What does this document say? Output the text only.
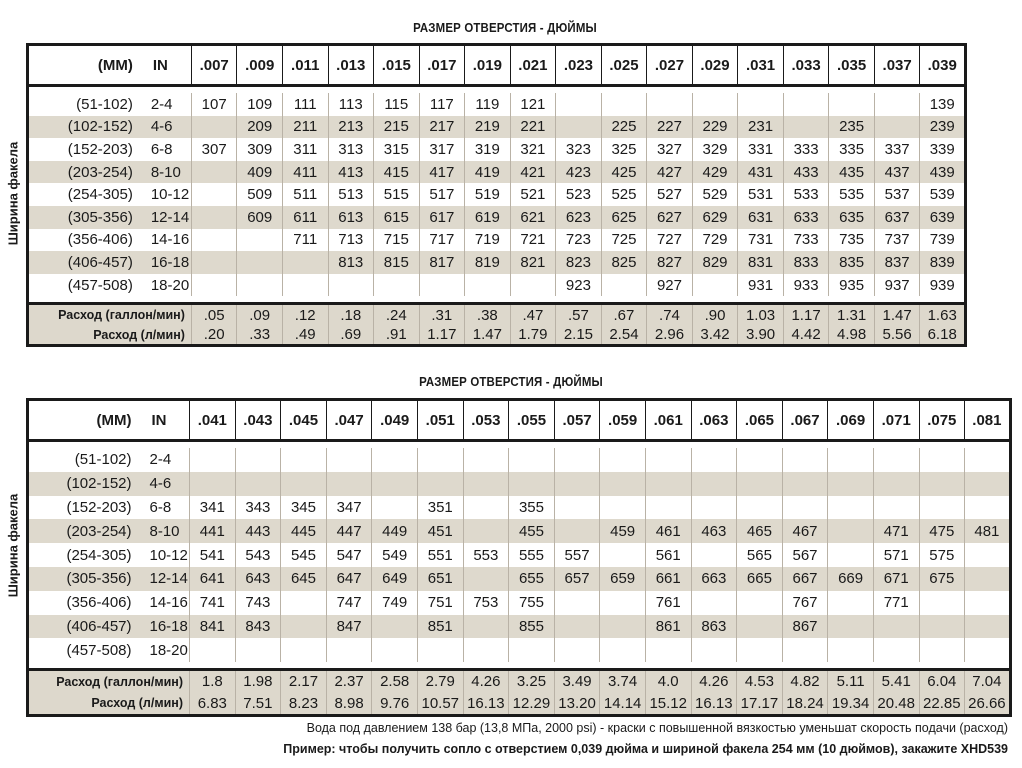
РАЗМЕР ОТВЕРСТИЯ - ДЮЙМЫ
Ширина факела
(MM)	IN	.007	.009	.011	.013	.015	.017	.019	.021	.023	.025	.027	.029	.031	.033	.035	.037	.039

(51-102)	2-4	107	109	111	113	115	117	119	121									139
(102-152)	4-6		209	211	213	215	217	219	221		225	227	229	231		235		239
(152-203)	6-8	307	309	311	313	315	317	319	321	323	325	327	329	331	333	335	337	339
(203-254)	8-10		409	411	413	415	417	419	421	423	425	427	429	431	433	435	437	439
(254-305)	10-12		509	511	513	515	517	519	521	523	525	527	529	531	533	535	537	539
(305-356)	12-14		609	611	613	615	617	619	621	623	625	627	629	631	633	635	637	639
(356-406)	14-16			711	713	715	717	719	721	723	725	727	729	731	733	735	737	739
(406-457)	16-18				813	815	817	819	821	823	825	827	829	831	833	835	837	839
(457-508)	18-20									923		927		931	933	935	937	939

Расход (галлон/мин)		.05	.09	.12	.18	.24	.31	.38	.47	.57	.67	.74	.90	1.03	1.17	1.31	1.47	1.63
Расход (л/мин)		.20	.33	.49	.69	.91	1.17	1.47	1.79	2.15	2.54	2.96	3.42	3.90	4.42	4.98	5.56	6.18
РАЗМЕР ОТВЕРСТИЯ - ДЮЙМЫ
Ширина факела
(MM)	IN	.041	.043	.045	.047	.049	.051	.053	.055	.057	.059	.061	.063	.065	.067	.069	.071	.075	.081

(51-102)	2-4																		
(102-152)	4-6																		
(152-203)	6-8	341	343	345	347		351		355										
(203-254)	8-10	441	443	445	447	449	451		455		459	461	463	465	467		471	475	481
(254-305)	10-12	541	543	545	547	549	551	553	555	557		561		565	567		571	575	
(305-356)	12-14	641	643	645	647	649	651		655	657	659	661	663	665	667	669	671	675	
(356-406)	14-16	741	743		747	749	751	753	755			761			767		771		
(406-457)	16-18	841	843		847		851		855			861	863		867				
(457-508)	18-20																		

Расход (галлон/мин)		1.8	1.98	2.17	2.37	2.58	2.79	4.26	3.25	3.49	3.74	4.0	4.26	4.53	4.82	5.11	5.41	6.04	7.04
Расход (л/мин)		6.83	7.51	8.23	8.98	9.76	10.57	16.13	12.29	13.20	14.14	15.12	16.13	17.17	18.24	19.34	20.48	22.85	26.66
Вода под давлением 138 бар (13,8 МПа, 2000 psi) - краски с повышенной вязкостью уменьшат скорость подачи (расход)
Пример: чтобы получить сопло с отверстием 0,039 дюйма и шириной факела 254 мм (10 дюймов), закажите XHD539
